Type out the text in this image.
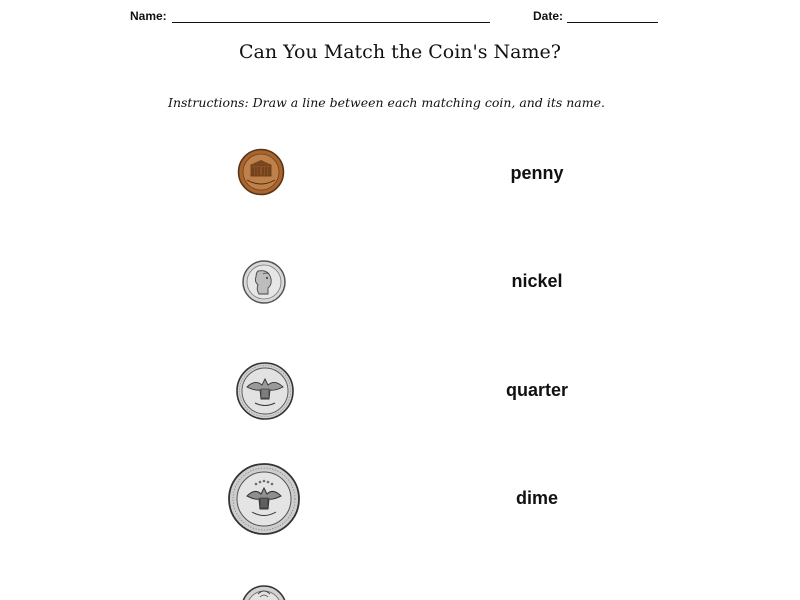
Name:	Date:
Can You Match the Coin's Name?
Instructions: Draw a line between each matching coin, and its name.
penny
nickel
quarter
dime
